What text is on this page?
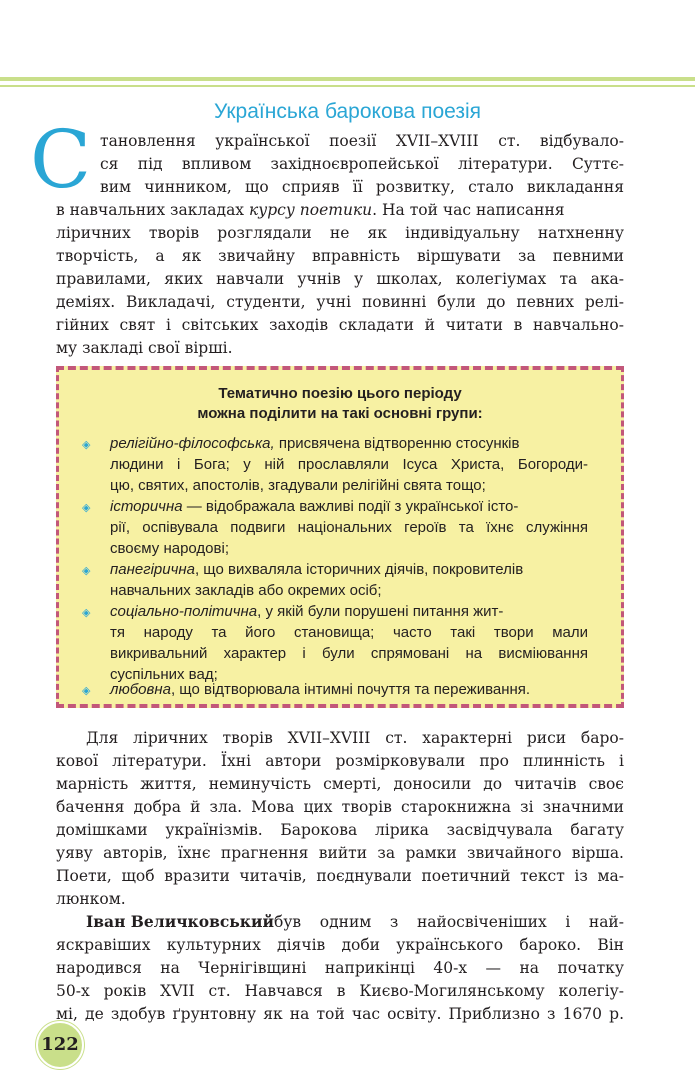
Українська барокова поезія
С тановлення української поезії XVII–XVIII ст. відбувало-
ся під впливом західноєвропейської літератури. Суттє-
вим чинником, що сприяв її розвитку, стало викладання
в навчальних закладах курсу поетики. На той час написання
ліричних творів розглядали не як індивідуальну натхненну
творчість, а як звичайну вправність віршувати за певними
правилами, яких навчали учнів у школах, колегіумах та ака-
деміях. Викладачі, студенти, учні повинні були до певних релі-
гійних свят і світських заходів складати й читати в навчально-
му закладі свої вірші.
Тематично поезію цього періоду
можна поділити на такі основні групи:
◈ релігійно-філософська, присвячена відтворенню стосунків
людини і Бога; у ній прославляли Ісуса Христа, Богороди-
цю, святих, апостолів, згадували релігійні свята тощо;
◈ історична — відображала важливі події з української істо-
рії, оспівувала подвиги національних героїв та їхнє служіння
своєму народові;
◈ панегірична, що вихваляла історичних діячів, покровителів
навчальних закладів або окремих осіб;
◈ соціально-політична, у якій були порушені питання жит-
тя народу та його становища; часто такі твори мали
викривальний характер і були спрямовані на висміювання
суспільних вад;
◈ любовна, що відтворювала інтимні почуття та переживання.
Для ліричних творів XVII–XVIII ст. характерні риси баро-
кової літератури. Їхні автори розмірковували про плинність і
марність життя, неминучість смерті, доносили до читачів своє
бачення добра й зла. Мова цих творів старокнижна зі значними
домішками українізмів. Барокова лірика засвідчувала багату
уяву авторів, їхнє прагнення вийти за рамки звичайного вірша.
Поети, щоб вразити читачів, поєднували поетичний текст із ма-
люнком.
Іван Величковський був одним з найосвіченіших і най-
яскравіших культурних діячів доби українського бароко. Він
народився на Чернігівщині наприкінці 40-х — на початку
50-х років XVII ст. Навчався в Києво-Могилянському колегіу-
мі, де здобув ґрунтовну як на той час освіту. Приблизно з 1670 р.
122
